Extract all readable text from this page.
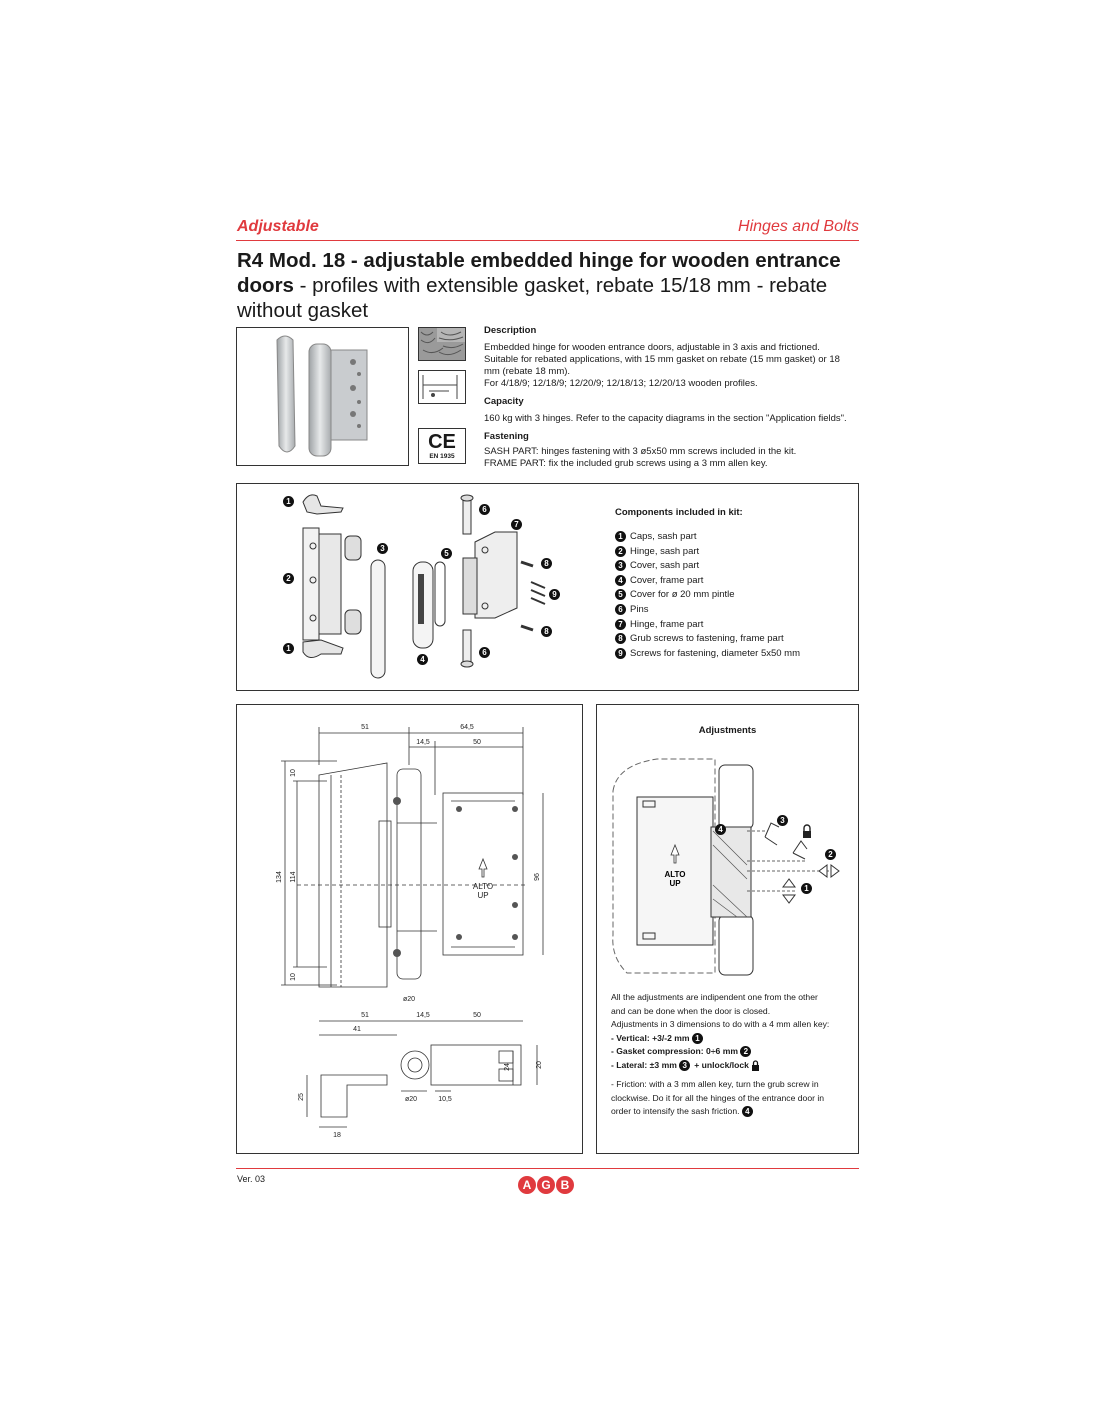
Adjustable	Hinges and Bolts
R4 Mod. 18 - adjustable embedded hinge for wooden entrance doors - profiles with extensible gasket, rebate 15/18 mm - rebate without gasket
CE
EN 1935
Description
Embedded hinge for wooden entrance doors, adjustable in 3 axis and frictioned.
Suitable for rebated applications, with 15 mm gasket on rebate (15 mm gasket) or 18
mm (rebate 18 mm).
For 4/18/9; 12/18/9; 12/20/9; 12/18/13; 12/20/13 wooden profiles.
Capacity
160 kg with 3 hinges. Refer to the capacity diagrams in the section "Application fields".
Fastening
SASH PART: hinges fastening with 3 ø5x50 mm screws included in the kit.
FRAME PART: fix the included grub screws using a 3 mm allen key.
1
2
3
4
5
6
7
8
9
1	6
8
Components included in kit:
1 Caps, sash part
2 Hinge, sash part
3 Cover, sash part
4 Cover, frame part
5 Cover for ø 20 mm pintle
6 Pins
7 Hinge, frame part
8 Grub screws to fastening, frame part
9 Screws for fastening, diameter 5x50 mm
ALTO
UP
51	64,5
14,5	50
10
134 114
10
96
ø20
51	14,5	50
41
25
18
ø20	10,5
24	20
Adjustments
ALTO
UP
3
2
1
4
All the adjustments are indipendent one from the other
and can be done when the door is closed.
Adjustments in 3 dimensions to do with a 4 mm allen key:
- Vertical: +3/-2 mm 1
- Gasket compression: 0÷6 mm 2
- Lateral: ±3 mm 3 + unlock/lock
- Friction: with a 3 mm allen key, turn the grub screw in
clockwise. Do it for all the hinges of the entrance door in
order to intensify the sash friction. 4
Ver. 03	A G B
